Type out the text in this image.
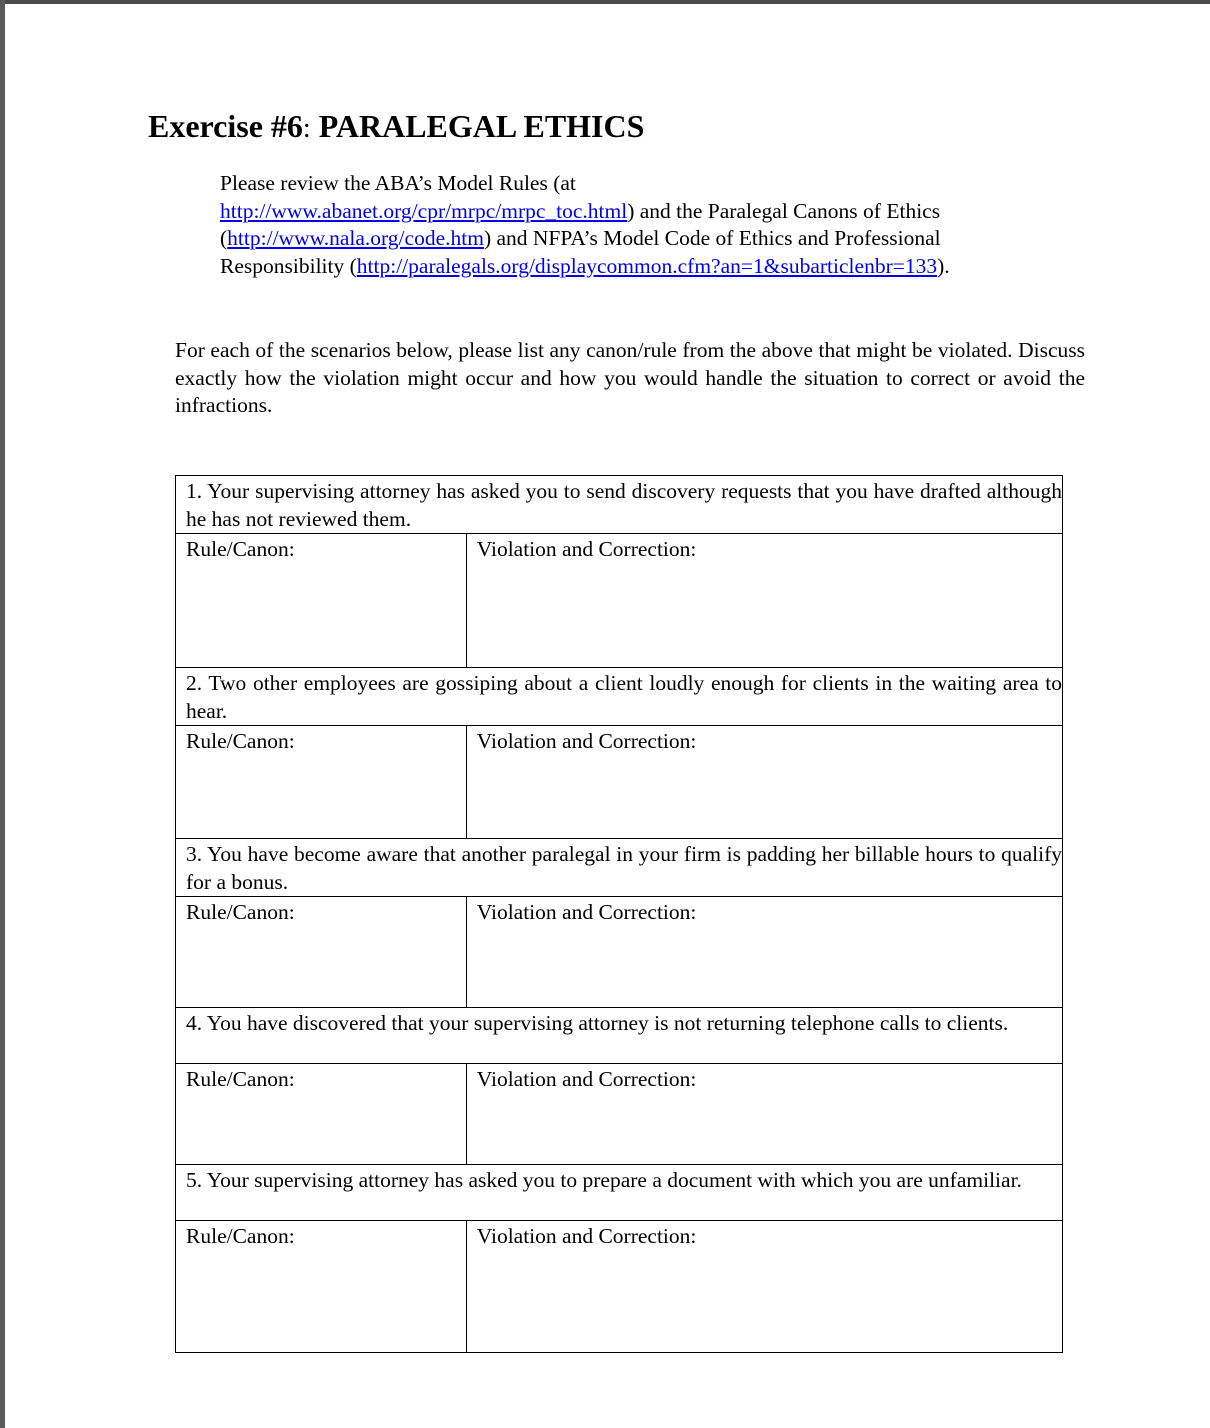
Exercise #6: PARALEGAL ETHICS
Please review the ABA’s Model Rules (at
http://www.abanet.org/cpr/mrpc/mrpc_toc.html) and the Paralegal Canons of Ethics (http://www.nala.org/code.htm) and NFPA’s Model Code of Ethics and Professional Responsibility (http://paralegals.org/displaycommon.cfm?an=1&subarticlenbr=133).

For each of the scenarios below, please list any canon/rule from the above that might be violated. Discuss exactly how the violation might occur and how you would handle the situation to correct or avoid the infractions.

1. Your supervising attorney has asked you to send discovery requests that you have drafted although he has not reviewed them.	
Rule/Canon:	Violation and Correction:
2. Two other employees are gossiping about a client loudly enough for clients in the waiting area to hear.	
Rule/Canon:	Violation and Correction:
3. You have become aware that another paralegal in your firm is padding her billable hours to qualify for a bonus.	
Rule/Canon:	Violation and Correction:
4. You have discovered that your supervising attorney is not returning telephone calls to clients.	
Rule/Canon:	Violation and Correction:
5. Your supervising attorney has asked you to prepare a document with which you are unfamiliar.	
Rule/Canon:	Violation and Correction:
